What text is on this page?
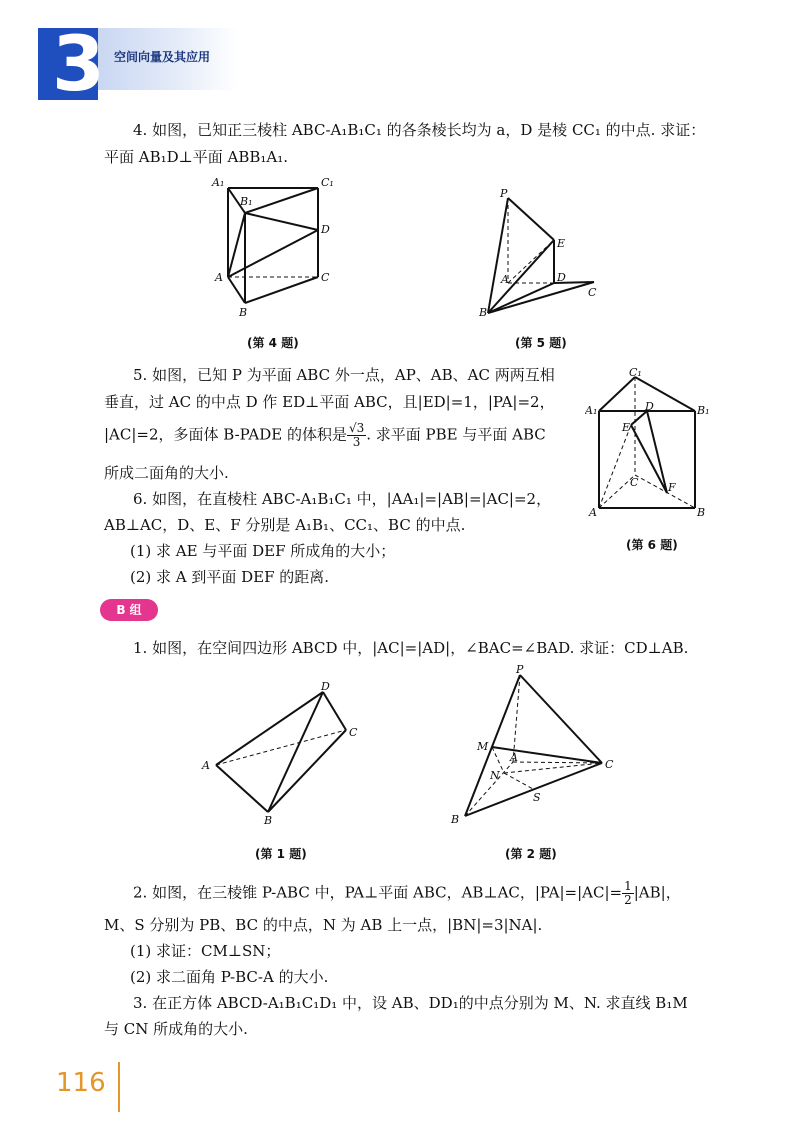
3 空间向量及其应用
4. 如图，已知正三棱柱 ABC-A₁B₁C₁ 的各条棱长均为 a，D 是棱 CC₁ 的中点. 求证：
平面 AB₁D⊥平面 ABB₁A₁.
A₁
B₁
C₁
D
A	C
B
(第 4 题)
P
E
A	D
C
B
(第 5 题)
5. 如图，已知 P 为平面 ABC 外一点，AP、AB、AC 两两互相
垂直，过 AC 的中点 D 作 ED⊥平面 ABC，且|ED|=1，|PA|=2，
|AC|=2，多面体 B-PADE 的体积是 $\frac{√3}{3}$ . 求平面 PBE 与平面 ABC
所成二面角的大小.
C₁
A₁	D	B₁
E
C	F
A	B
(第 6 题)
6. 如图，在直棱柱 ABC-A₁B₁C₁ 中，|AA₁|=|AB|=|AC|=2，
AB⊥AC，D、E、F 分别是 A₁B₁、CC₁、BC 的中点.
(1) 求 AE 与平面 DEF 所成角的大小；
(2) 求 A 到平面 DEF 的距离.
B 组
1. 如图，在空间四边形 ABCD 中，|AC|=|AD|，∠BAC=∠BAD. 求证：CD⊥AB.
D
C
A
B
(第 1 题)
P
M
A
C
N
S
B
(第 2 题)
2. 如图，在三棱锥 P-ABC 中，PA⊥平面 ABC，AB⊥AC，$|PA|=|AC|= \frac{1}{2} |AB|$，
M、S 分别为 PB、BC 的中点，N 为 AB 上一点，|BN|=3|NA|.
(1) 求证：CM⊥SN；
(2) 求二面角 P-BC-A 的大小.
3. 在正方体 ABCD-A₁B₁C₁D₁ 中，设 AB、DD₁的中点分别为 M、N. 求直线 B₁M
与 CN 所成角的大小.
116
